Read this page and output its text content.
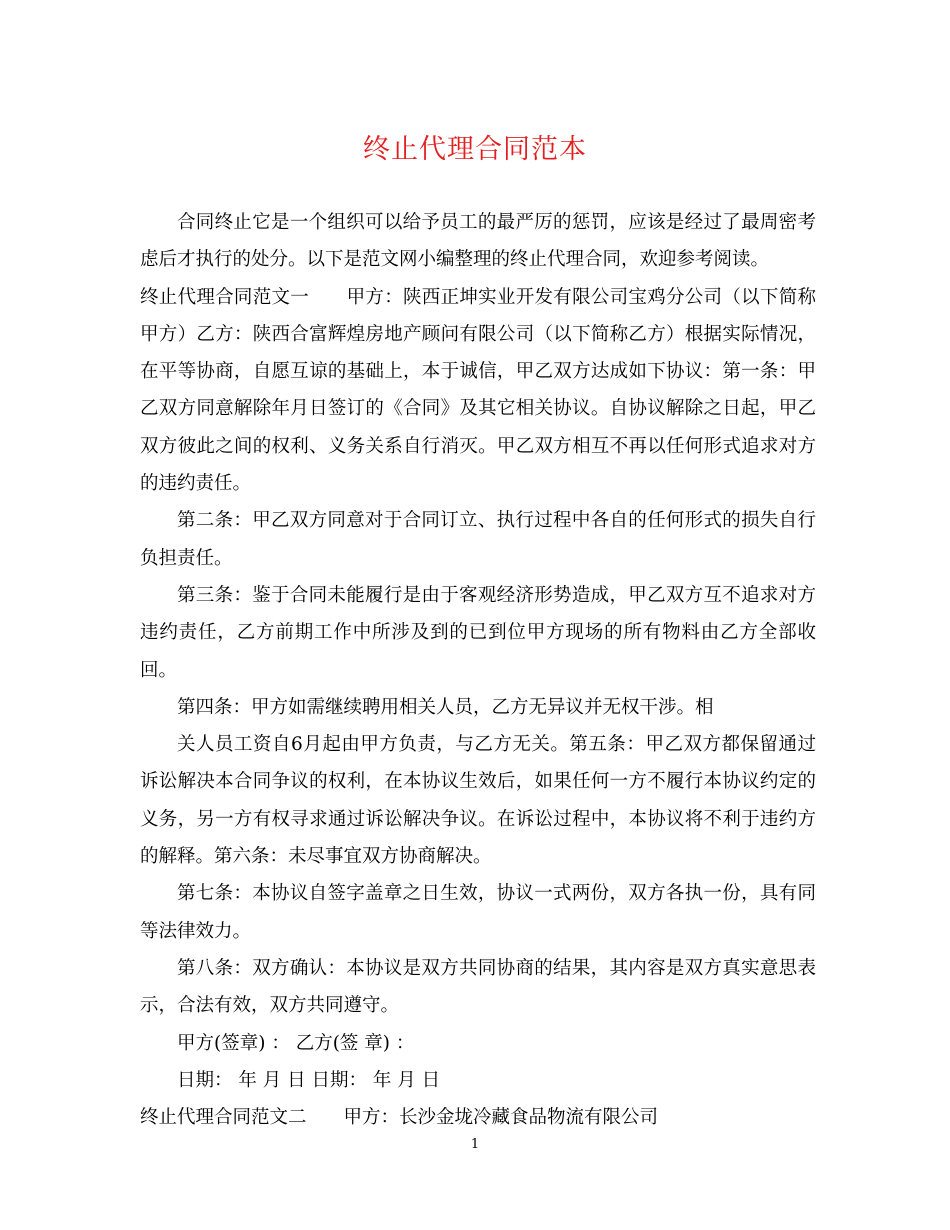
终止代理合同范本

合同终止它是一个组织可以给予员工的最严厉的惩罚，应该是经过了最周密考虑后才执行的处分。以下是范文网小编整理的终止代理合同，欢迎参考阅读。

终止代理合同范文一　　甲方：陕西正坤实业开发有限公司宝鸡分公司（以下简称甲方）乙方：陕西合富辉煌房地产顾问有限公司（以下简称乙方）根据实际情况，在平等协商，自愿互谅的基础上，本于诚信，甲乙双方达成如下协议：第一条：甲乙双方同意解除年月日签订的《合同》及其它相关协议。自协议解除之日起，甲乙双方彼此之间的权利、义务关系自行消灭。甲乙双方相互不再以任何形式追求对方的违约责任。

第二条：甲乙双方同意对于合同订立、执行过程中各自的任何形式的损失自行负担责任。

第三条：鉴于合同未能履行是由于客观经济形势造成，甲乙双方互不追求对方违约责任，乙方前期工作中所涉及到的已到位甲方现场的所有物料由乙方全部收回。

第四条：甲方如需继续聘用相关人员，乙方无异议并无权干涉。相

关人员工资自6月起由甲方负责，与乙方无关。第五条：甲乙双方都保留通过诉讼解决本合同争议的权利，在本协议生效后，如果任何一方不履行本协议约定的义务，另一方有权寻求通过诉讼解决争议。在诉讼过程中，本协议将不利于违约方的解释。第六条：未尽事宜双方协商解决。

第七条：本协议自签字盖章之日生效，协议一式两份，双方各执一份，具有同等法律效力。

第八条：双方确认：本协议是双方共同协商的结果，其内容是双方真实意思表示，合法有效，双方共同遵守。

甲方(签章) ： 乙方(签 章) ：

日期： 年 月 日 日期： 年 月 日

终止代理合同范文二　　甲方：长沙金垅冷藏食品物流有限公司

1
